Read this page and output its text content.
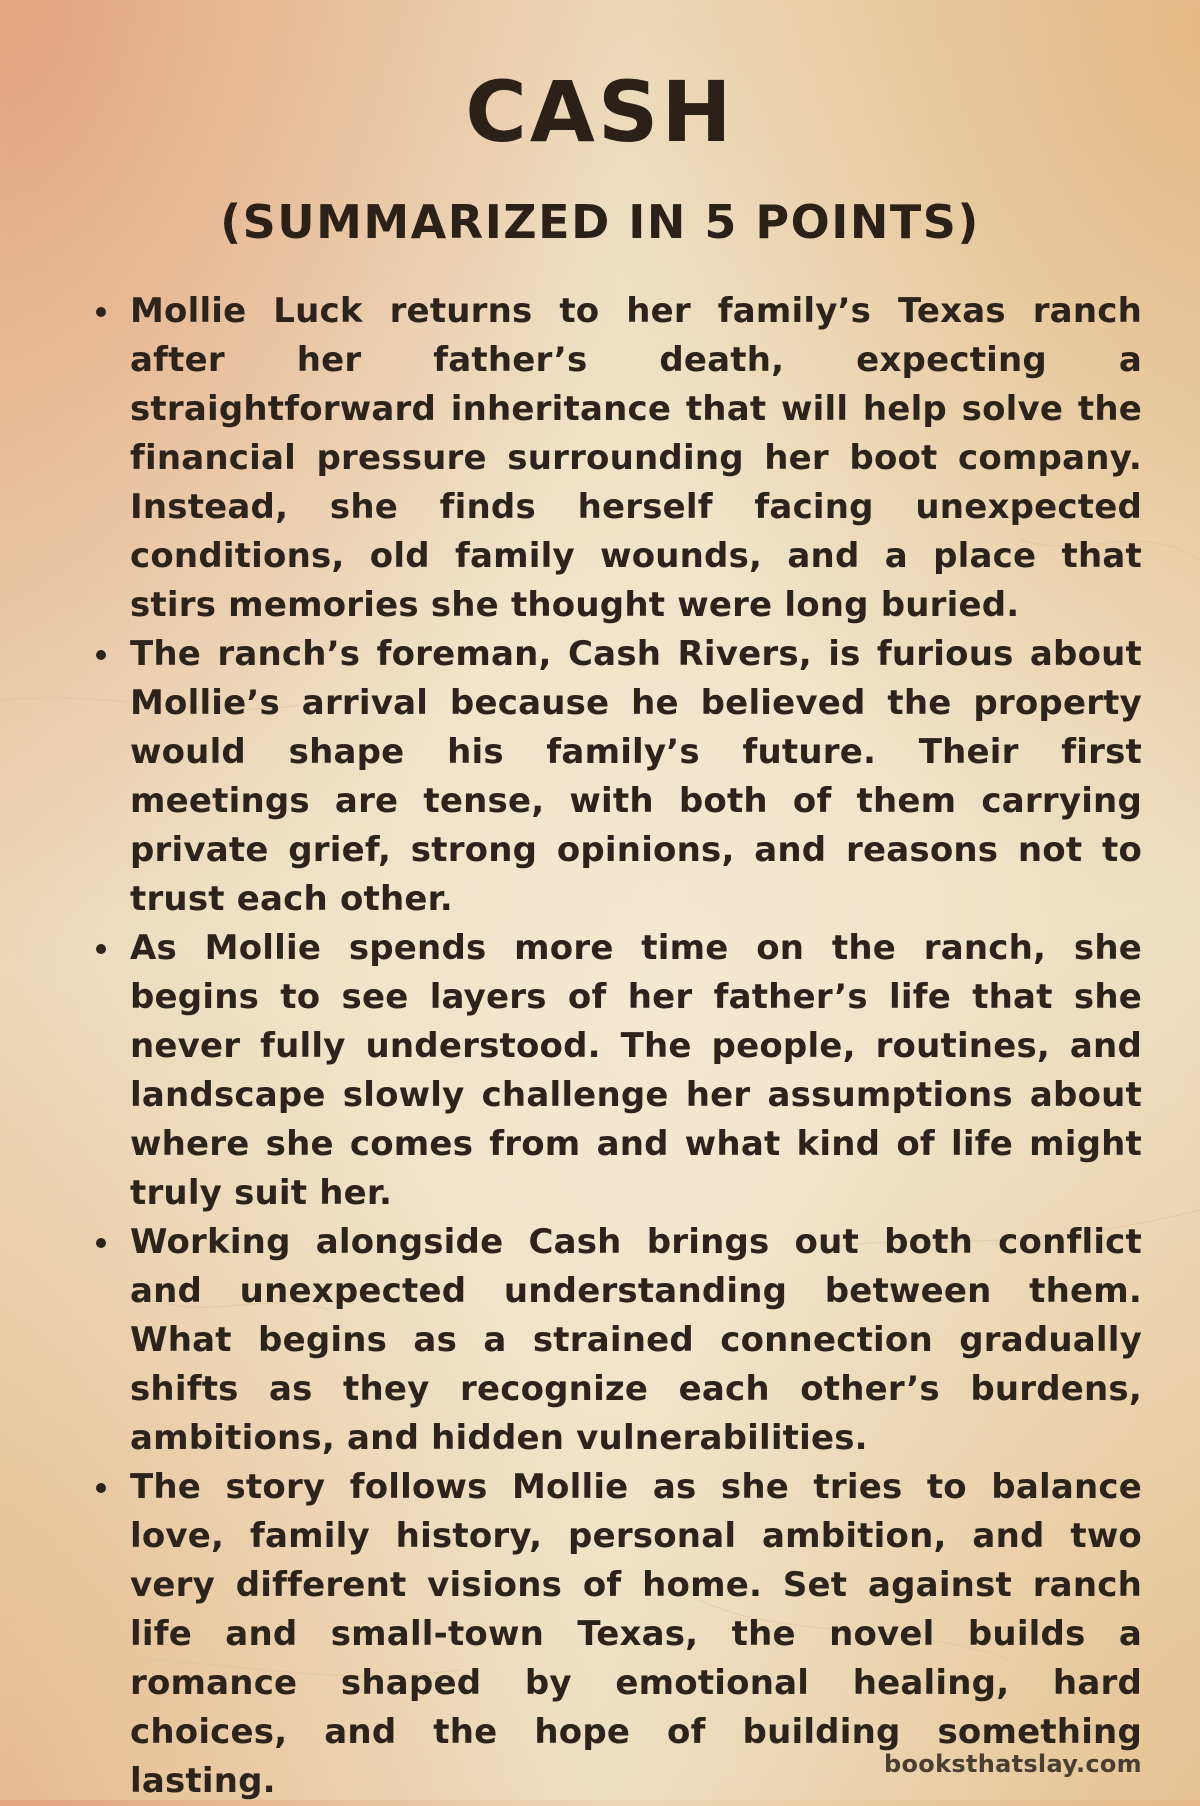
CASH
(SUMMARIZED IN 5 POINTS)
Mollie Luck returns to her family’s Texas ranch after her father’s death, expecting a straightforward inheritance that will help solve the financial pressure surrounding her boot company. Instead, she finds herself facing unexpected conditions, old family wounds, and a place that stirs memories she thought were long buried.
The ranch’s foreman, Cash Rivers, is furious about Mollie’s arrival because he believed the property would shape his family’s future. Their first meetings are tense, with both of them carrying private grief, strong opinions, and reasons not to trust each other.
As Mollie spends more time on the ranch, she begins to see layers of her father’s life that she never fully understood. The people, routines, and landscape slowly challenge her assumptions about where she comes from and what kind of life might truly suit her.
Working alongside Cash brings out both conflict and unexpected understanding between them. What begins as a strained connection gradually shifts as they recognize each other’s burdens, ambitions, and hidden vulnerabilities.
The story follows Mollie as she tries to balance love, family history, personal ambition, and two very different visions of home. Set against ranch life and small-town Texas, the novel builds a romance shaped by emotional healing, hard choices, and the hope of building something lasting.	booksthatslay.com
